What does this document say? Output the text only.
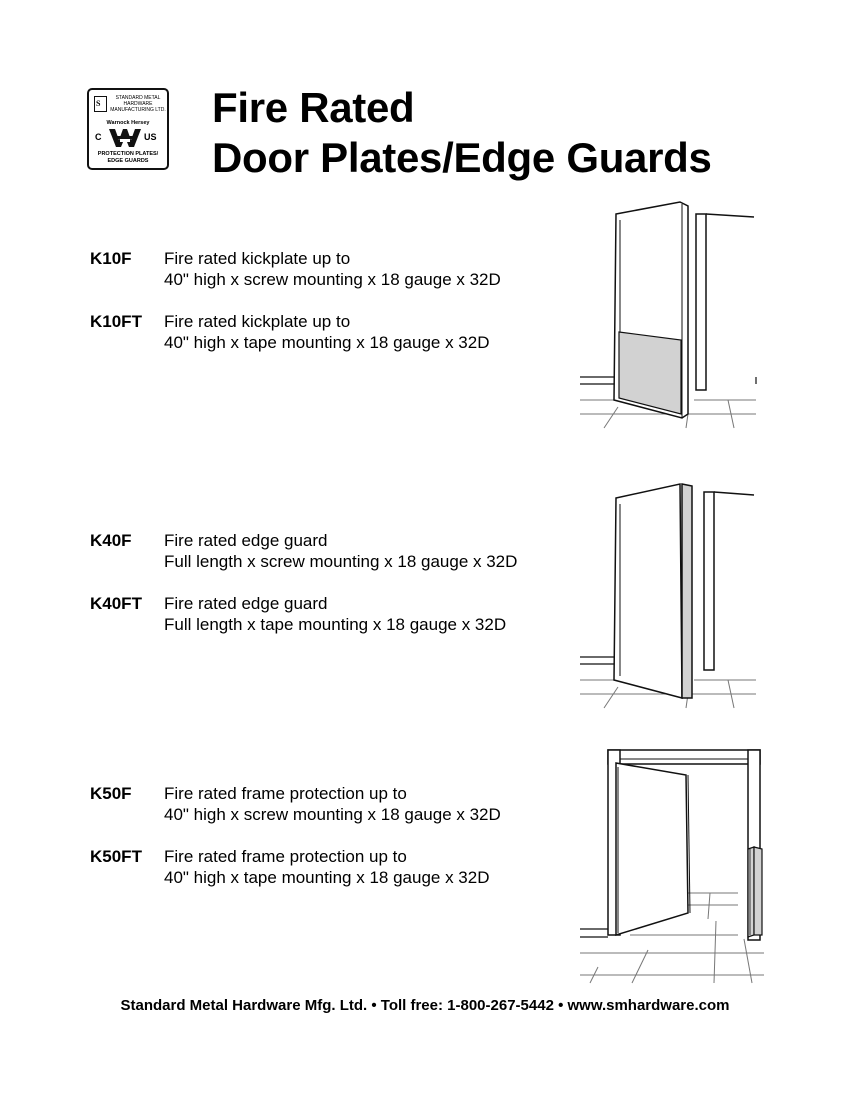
S
STANDARD METAL
HARDWARE
MANUFACTURING LTD.
Warnock Hersey
C	US
PROTECTION PLATES/
EDGE GUARDS
Fire Rated
Door Plates/Edge Guards
K10F Fire rated kickplate up to
40" high x screw mounting x 18 gauge x 32D
K10FT Fire rated kickplate up to
40" high x tape mounting x 18 gauge x 32D
K40F Fire rated edge guard
Full length x screw mounting x 18 gauge x 32D
K40FT Fire rated edge guard
Full length x tape mounting x 18 gauge x 32D
K50F Fire rated frame protection up to
40" high x screw mounting x 18 gauge x 32D
K50FT Fire rated frame protection up to
40" high x tape mounting x 18 gauge x 32D
Standard Metal Hardware Mfg. Ltd. • Toll free: 1-800-267-5442 • www.smhardware.com
